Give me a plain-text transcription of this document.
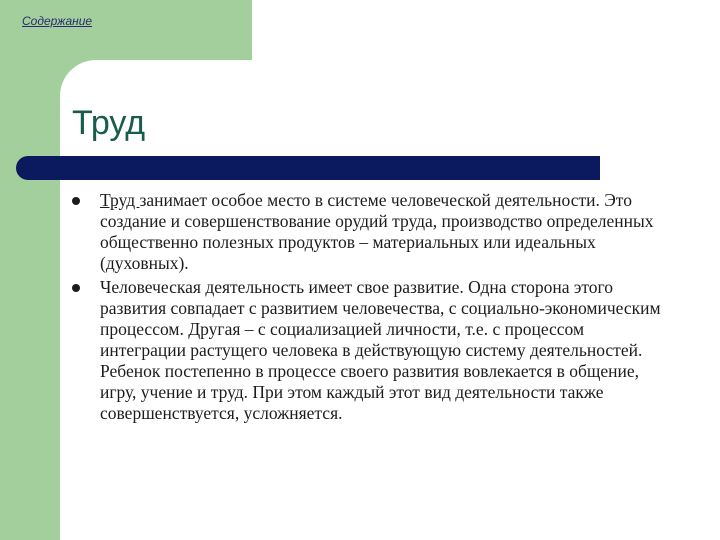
Содержание
Труд
Труд занимает особое место в системе человеческой деятельности. Это создание и совершенствование орудий труда, производство определенных общественно полезных продуктов – материальных или идеальных (духовных).
Человеческая деятельность имеет свое развитие. Одна сторона этого развития совпадает с развитием человечества, с социально-экономическим процессом. Другая – с социализацией личности, т.е. с процессом интеграции растущего человека в действующую систему деятельностей. Ребенок постепенно в процессе своего развития вовлекается в общение, игру, учение и труд. При этом каждый этот вид деятельности также совершенствуется, усложняется.
